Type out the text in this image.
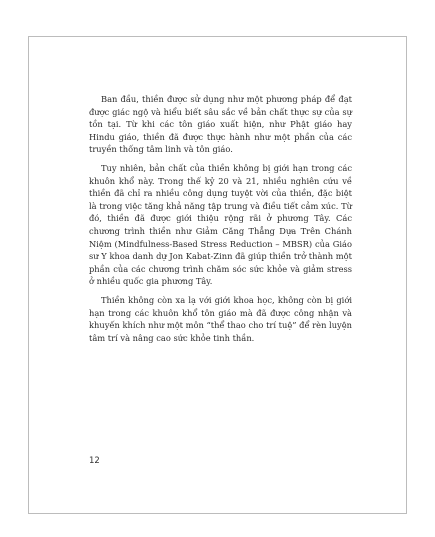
Ban đầu, thiền được sử dụng như một phương pháp để đạt được giác ngộ và hiểu biết sâu sắc về bản chất thực sự của sự tồn tại. Từ khi các tôn giáo xuất hiện, như Phật giáo hay Hindu giáo, thiền đã được thực hành như một phần của các truyền thống tâm linh và tôn giáo.

Tuy nhiên, bản chất của thiền không bị giới hạn trong các khuôn khổ này. Trong thế kỷ 20 và 21, nhiều nghiên cứu về thiền đã chỉ ra nhiều công dụng tuyệt vời của thiền, đặc biệt là trong việc tăng khả năng tập trung và điều tiết cảm xúc. Từ đó, thiền đã được giới thiệu rộng rãi ở phương Tây. Các chương trình thiền như Giảm Căng Thẳng Dựa Trên Chánh Niệm (Mindfulness-Based Stress Reduction – MBSR) của Giáo sư Y khoa danh dự Jon Kabat-Zinn đã giúp thiền trở thành một phần của các chương trình chăm sóc sức khỏe và giảm stress ở nhiều quốc gia phương Tây.

Thiền không còn xa lạ với giới khoa học, không còn bị giới hạn trong các khuôn khổ tôn giáo mà đã được công nhận và khuyến khích như một môn “thể thao cho trí tuệ” để rèn luyện tâm trí và nâng cao sức khỏe tinh thần.

12
